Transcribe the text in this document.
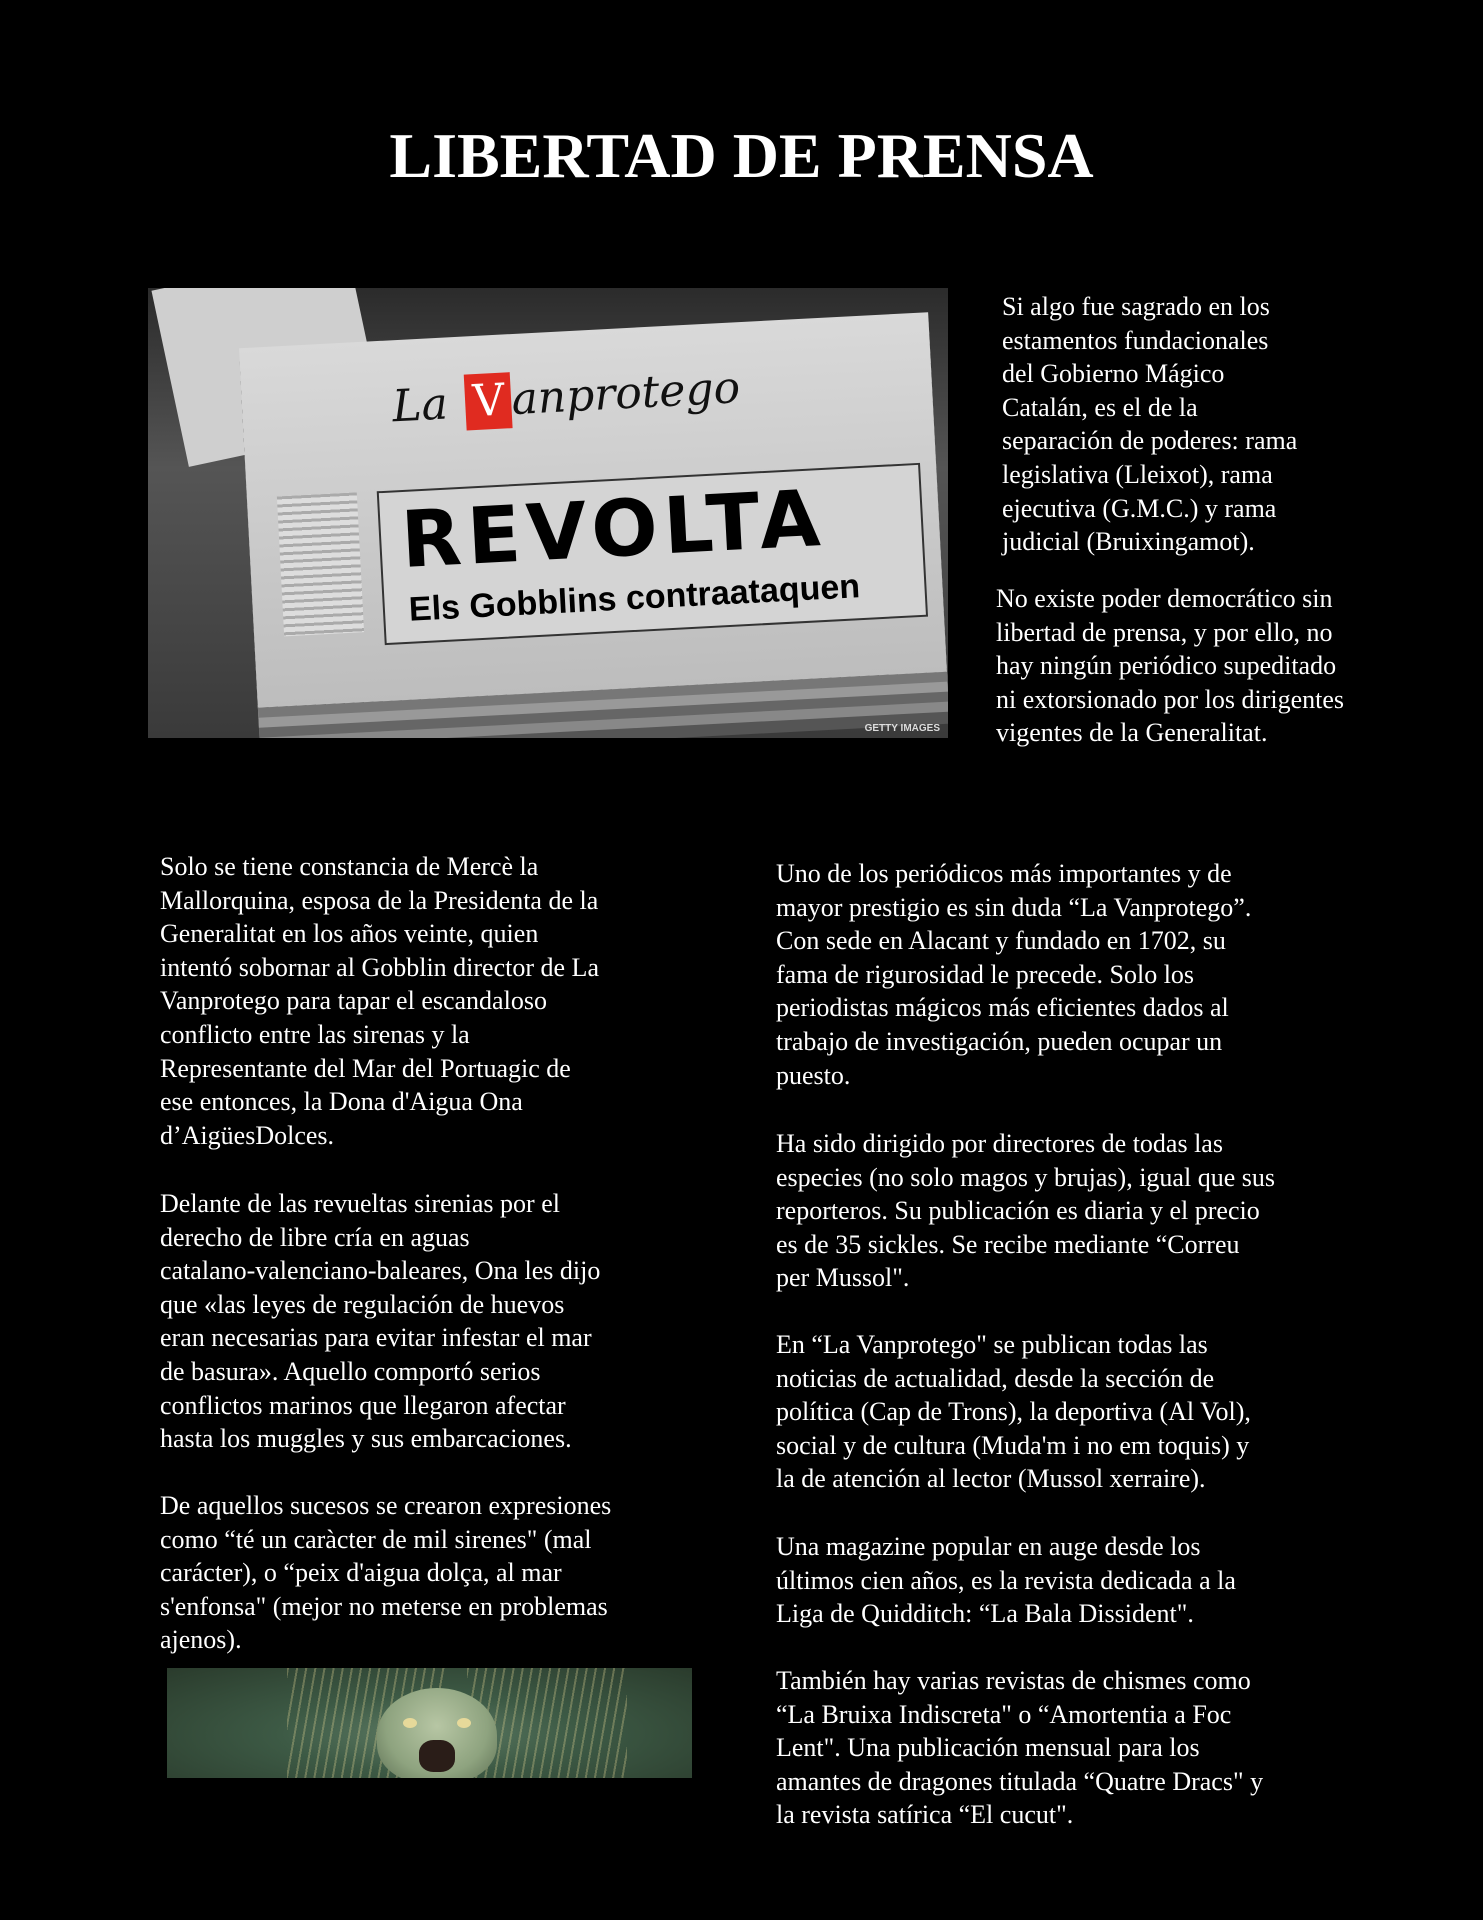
LIBERTAD DE PRENSA
La V anprotego
REVOLTA
Els Gobblins contraataquen
GETTY IMAGES

Si algo fue sagrado en los
estamentos fundacionales
del Gobierno Mágico
Catalán, es el de la
separación de poderes: rama
legislativa (Lleixot), rama
ejecutiva (G.M.C.) y rama
judicial (Bruixingamot).

No existe poder democrático sin
libertad de prensa, y por ello, no
hay ningún periódico supeditado
ni extorsionado por los dirigentes
vigentes de la Generalitat.

Solo se tiene constancia de Mercè la
Mallorquina, esposa de la Presidenta de la
Generalitat en los años veinte, quien
intentó sobornar al Gobblin director de La
Vanprotego para tapar el escandaloso
conflicto entre las sirenas y la
Representante del Mar del Portuagic de
ese entonces, la Dona d'Aigua Ona
d’AigüesDolces.

Delante de las revueltas sirenias por el
derecho de libre cría en aguas
catalano-valenciano-baleares, Ona les dijo
que «las leyes de regulación de huevos
eran necesarias para evitar infestar el mar
de basura». Aquello comportó serios
conflictos marinos que llegaron afectar
hasta los muggles y sus embarcaciones.

De aquellos sucesos se crearon expresiones
como “té un caràcter de mil sirenes" (mal
carácter), o “peix d'aigua dolça, al mar
s'enfonsa" (mejor no meterse en problemas
ajenos).

Uno de los periódicos más importantes y de
mayor prestigio es sin duda “La Vanprotego”.
Con sede en Alacant y fundado en 1702, su
fama de rigurosidad le precede. Solo los
periodistas mágicos más eficientes dados al
trabajo de investigación, pueden ocupar un
puesto.

Ha sido dirigido por directores de todas las
especies (no solo magos y brujas), igual que sus
reporteros. Su publicación es diaria y el precio
es de 35 sickles. Se recibe mediante “Correu
per Mussol".

En “La Vanprotego" se publican todas las
noticias de actualidad, desde la sección de
política (Cap de Trons), la deportiva (Al Vol),
social y de cultura (Muda'm i no em toquis) y
la de atención al lector (Mussol xerraire).

Una magazine popular en auge desde los
últimos cien años, es la revista dedicada a la
Liga de Quidditch: “La Bala Dissident".

También hay varias revistas de chismes como
“La Bruixa Indiscreta" o “Amortentia a Foc
Lent". Una publicación mensual para los
amantes de dragones titulada “Quatre Dracs" y
la revista satírica “El cucut".
